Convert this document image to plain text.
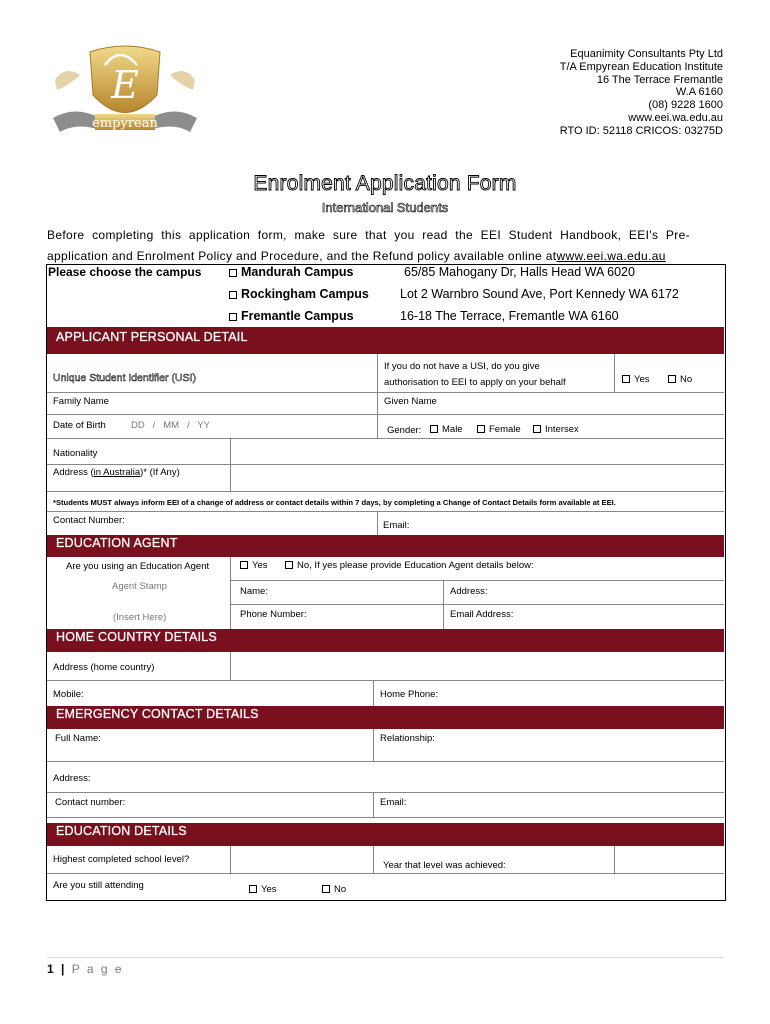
E
empyrean
Equanimity Consultants Pty Ltd
T/A Empyrean Education Institute
16 The Terrace Fremantle
W.A 6160
(08) 9228 1600
www.eei.wa.edu.au
RTO ID: 52118 CRICOS: 03275D
Enrolment Application Form
International Students
Before completing this application form, make sure that you read the EEI Student Handbook, EEI's Pre-
application and Enrolment Policy and Procedure, and the Refund policy available online atwww.eei.wa.edu.au
Please choose the campus	Mandurah Campus	65/85 Mahogany Dr, Halls Head WA 6020
Rockingham Campus Lot 2 Warnbro Sound Ave, Port Kennedy WA 6172
Fremantle Campus	16-18 The Terrace, Fremantle WA 6160
APPLICANT PERSONAL DETAIL
Unique Student Identifier (USI)
If you do not have a USI, do you give
authorisation to EEI to apply on your behalf	Yes	No
Family Name	Given Name
Date of Birth	DD   /   MM   /   YY	Gender:	Male	Female	Intersex
Nationality
Address (in Australia)* (If Any)
*Students MUST always inform EEI of a change of address or contact details within 7 days, by completing a Change of Contact Details form available at EEI.
Contact Number:	Email:
EDUCATION AGENT
Are you using an Education Agent	Yes	No, If yes please provide Education Agent details below:
Agent Stamp
(Insert Here)
Name:	Address:
Phone Number:	Email Address:
HOME COUNTRY DETAILS
Address (home country)
Mobile:	Home Phone:
EMERGENCY CONTACT DETAILS
Full Name:	Relationship:
Address:
Contact number:	Email:
EDUCATION DETAILS
Highest completed school level?
Year that level was achieved:
Are you still attending	Yes	No
1 | P a g e
